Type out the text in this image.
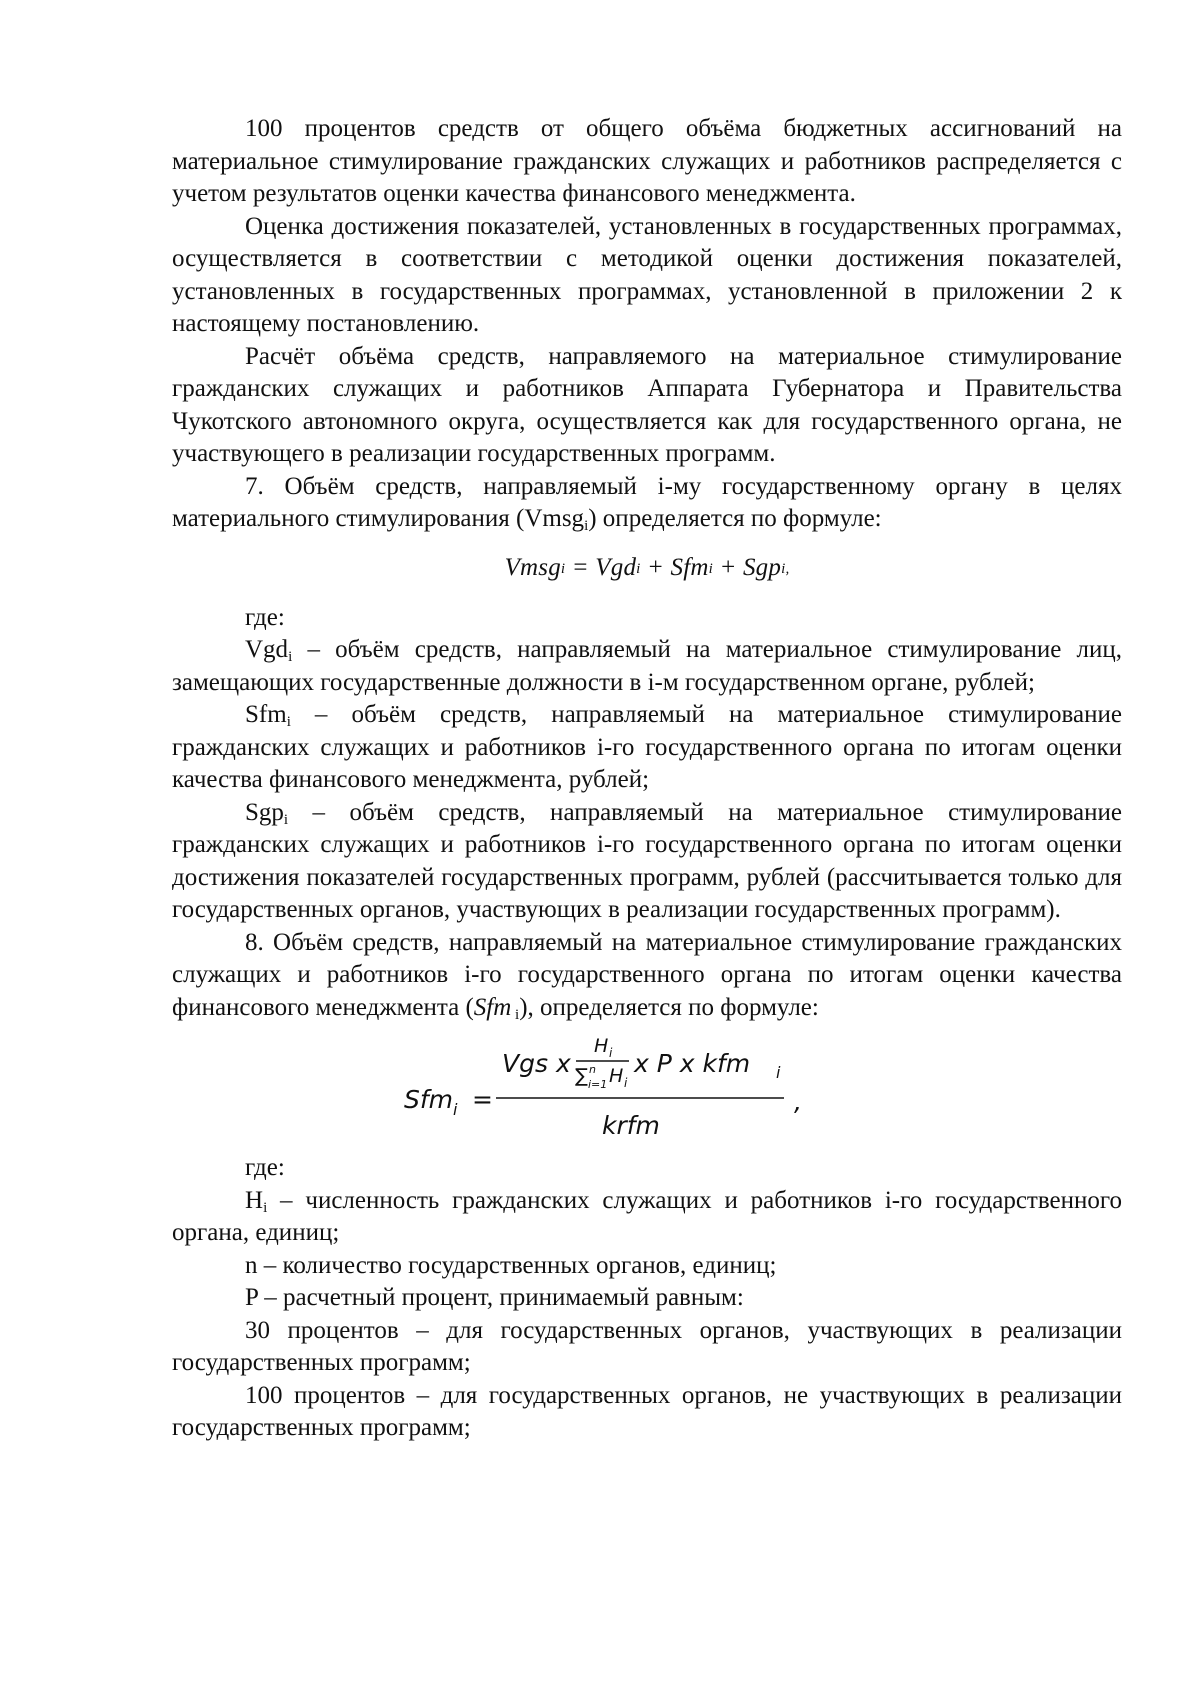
100 процентов средств от общего объёма бюджетных ассигнований на материальное стимулирование гражданских служащих и работников распределяется с учетом результатов оценки качества финансового менеджмента.

Оценка достижения показателей, установленных в государственных программах, осуществляется в соответствии с методикой оценки достижения показателей, установленных в государственных программах, установленной в приложении 2 к настоящему постановлению.

Расчёт объёма средств, направляемого на материальное стимулирование гражданских служащих и работников Аппарата Губернатора и Правительства Чукотского автономного округа, осуществляется как для государственного органа, не участвующего в реализации государственных программ.

7. Объём средств, направляемый i-му государственному органу в целях материального стимулирования (Vmsg$_i$) определяется по формуле:

Vmsg i = Vgd i + Sfm i + Sgp i,

где:

Vgd$_i$ – объём средств, направляемый на материальное стимулирование лиц, замещающих государственные должности в i-м государственном органе, рублей;

Sfm$_i$ – объём средств, направляемый на материальное стимулирование гражданских служащих и работников i-го государственного органа по итогам оценки качества финансового менеджмента, рублей;

Sgp$_i$ – объём средств, направляемый на материальное стимулирование гражданских служащих и работников i-го государственного органа по итогам оценки достижения показателей государственных программ, рублей (рассчитывается только для государственных органов, участвующих в реализации государственных программ).

8. Объём средств, направляемый на материальное стимулирование гражданских служащих и работников i-го государственного органа по итогам оценки качества финансового менеджмента (Sfm $_i$), определяется по формуле:

Sfm i =
Vgs x
H i
∑ n
i=1 H i
x P x kfm i
krfm
,

где:

$H_i$ – численность гражданских служащих и работников i-го государственного органа, единиц;

n – количество государственных органов, единиц;

P – расчетный процент, принимаемый равным:

30 процентов – для государственных органов, участвующих в реализации государственных программ;

100 процентов – для государственных органов, не участвующих в реализации государственных программ;
